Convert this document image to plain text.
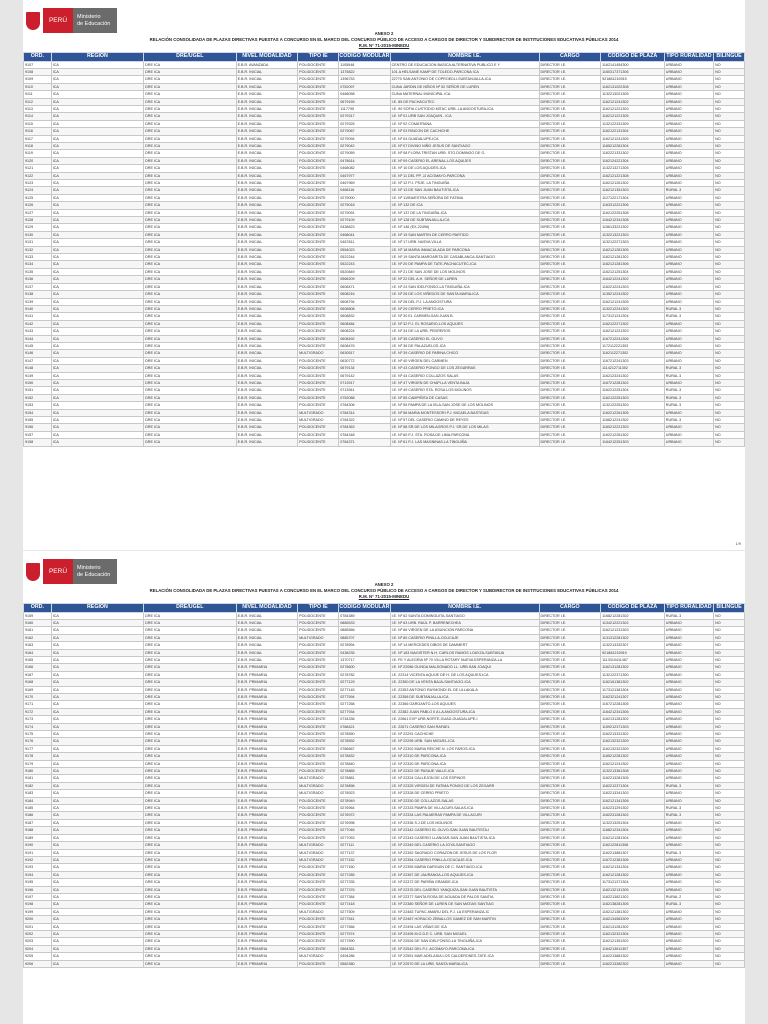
PERÚ	Ministerio
de Educación
ANEXO 2
RELACIÓN CONSOLIDADA DE PLAZAS DIRECTIVAS PUESTAS A CONCURSO EN EL MARCO DEL CONCURSO PÚBLICO DE ACCESO A CARGOS DE DIRECTOR Y SUBDIRECTOR DE INSTITUCIONES EDUCATIVAS PÚBLICAS 2014
R.M. N° 71-2015-MINEDU
ORD.	REGION	DRE/UGEL	NIVEL MODALIDAD	TIPO IE	CODIGO MODULAR	NOMBRE I.E.	CARGO	CODIGO DE PLAZA	TIPO RURALIDAD	BILINGÜE
9107	ICA	DRE ICA	E.B.R. AVANZADA	POLIDOCENTE	1105548	CENTRO DE EDUCACION BASICA ALTERNATIVA PUBLICO E Y	DIRECTOR I.E.	1162141454300	URBANO	NO
9108	ICA	DRE ICA	E.B.R. INICIAL	POLIDOCENTE	1375822	101 A HELSANE KAMP DE TOLEDO-PARCONA ICA	DIRECTOR I.E.	1160317371306	URBANO	NO
9109	ICA	DRE ICA	E.B.R. INICIAL	POLIDOCENTE	1396753	22770 SAN ANTONIO DE COPROEDLI-SUBTANJALLA-ICA	DIRECTOR I.E.	921881215915	URBANO	NO
9110	ICA	DRE ICA	E.B.R. INICIAL	POLIDOCENTE	0752097	CUNA JARDIN DE NIÑOS Nº 52 SEÑOR DE LUREN	DIRECTOR I.E.	1162131022308	URBANO	NO
9111	ICA	DRE ICA	E.B.R. INICIAL	POLIDOCENTE	0468058	CUNA MATERNAL MUNICIPAL ICA	DIRECTOR I.E.	1132213021305	URBANO	NO
9112	ICA	DRE ICA	E.B.R. INICIAL	POLIDOCENTE	0679159	I.E. 85 DE PACHACUTEC	DIRECTOR I.E.	1162121241302	URBANO	NO
9113	ICA	DRE ICA	E.B.R. INICIAL	POLIDOCENTE	1117795	I.E. 90 SOFIA CUSTODIO MITAC URB. LA ANGOSTURA-ICA	DIRECTOR I.E.	1162121221303	URBANO	NO
9114	ICA	DRE ICA	E.B.R. INICIAL	POLIDOCENTE	0279317	I.E. Nº 01 URB SAN JOAQUIN - ICA	DIRECTOR I.E.	1162121221305	URBANO	NO
9115	ICA	DRE ICA	E.B.R. INICIAL	POLIDOCENTE	0279325	I.E. Nº 02 COMATRANA	DIRECTOR I.E.	1132122331309	URBANO	NO
9116	ICA	DRE ICA	E.B.R. INICIAL	POLIDOCENTE	0279067	I.E. Nº 03 RINCON DE CACHICHE	DIRECTOR I.E.	1162122131304	URBANO	NO
9117	ICA	DRE ICA	E.B.R. INICIAL	POLIDOCENTE	0279094	I.E. Nº 04 GUADALUPE-ICA	DIRECTOR I.E.	1162121241305	URBANO	NO
9118	ICA	DRE ICA	E.B.R. INICIAL	POLIDOCENTE	0279042	I.E. Nº 07 DIVINO NIÑO JESUS DE SANTIAGO	DIRECTOR I.E.	1165212281304	URBANO	NO
9119	ICA	DRE ICA	E.B.R. INICIAL	POLIDOCENTE	0279059	I.E. Nº 08 FLORA TRISTAN URB. STO.DOMINGO DE G.	DIRECTOR I.E.	1162221331302	URBANO	NO
9120	ICA	DRE ICA	E.B.R. INICIAL	POLIDOCENTE	0478614	I.E. Nº 09 CASERIO EL ARENAL-LOS AQUIJES	DIRECTOR I.E.	1162124221304	URBANO	NO
9121	ICA	DRE ICA	E.B.R. INICIAL	POLIDOCENTE	0468082	I.E. Nº 10 DE LOS AQUIJES-ICA	DIRECTOR I.E.	1132213271305	URBANO	NO
9122	ICA	DRE ICA	E.B.R. INICIAL	POLIDOCENTE	0467977	I.E. Nº 11 DEL PP. JJ ACOMAYO-PARCONA	DIRECTOR I.E.	1162121221308	URBANO	NO
9123	ICA	DRE ICA	E.B.R. INICIAL	POLIDOCENTE	0467969	I.E. Nº 12 P.J. PSJE. LA TINGUIÑA	DIRECTOR I.E.	1162121261302	URBANO	NO
9124	ICA	DRE ICA	E.B.R. INICIAL	POLIDOCENTE	0468116	I.E. Nº 13 DE SAN JUAN BAUTISTA-ICA	DIRECTOR I.E.	1162121351303	RURAL 3	NO
9125	ICA	DRE ICA	E.B.R. INICIAL	POLIDOCENTE	0279000	I.E. Nº 119NUESTRA SEÑORA DE FATIMA	DIRECTOR I.E.	1127122171304	URBANO	NO
9126	ICA	DRE ICA	E.B.R. INICIAL	POLIDOCENTE	0279018	I.E. Nº 132 DE ICA	DIRECTOR I.E.	1163312221306	URBANO	NO
9127	ICA	DRE ICA	E.B.R. INICIAL	POLIDOCENTE	0279091	I.E. Nº 137 DE LA TINGUIÑA-ICA	DIRECTOR I.E.	1162122251308	URBANO	NO
9128	ICA	DRE ICA	E.B.R. INICIAL	POLIDOCENTE	0279109	I.E. Nº 128 DE SUBTANJALLA-ICA	DIRECTOR I.E.	1164212341308	URBANO	NO
9129	ICA	DRE ICA	E.B.R. INICIAL	POLIDOCENTE	0438623	I.E. Nº 146 (EX-22496)	DIRECTOR I.E.	1156133221302	URBANO	NO
9130	ICA	DRE ICA	E.B.R. INICIAL	POLIDOCENTE	0468041	I.E. Nº 15 SAN MARTIN DE CERRO PARTIDO	DIRECTOR I.E.	1132213221303	URBANO	NO
9131	ICA	DRE ICA	E.B.R. INICIAL	POLIDOCENTE	0467811	I.E. Nº 17 URB. NUEVA VILLA	DIRECTOR I.E.	1132122271303	URBANO	NO
9132	ICA	DRE ICA	E.B.R. INICIAL	POLIDOCENTE	0554023	I.E. Nº 18 MARIA INMACULADA DE PARCONA	DIRECTOR I.E.	1162121281305	URBANO	NO
9133	ICA	DRE ICA	E.B.R. INICIAL	POLIDOCENTE	0522244	I.E. Nº 19 SANTA MARGARITA DE CASABLANCA-SANTIAGO	DIRECTOR I.E.	1162121281302	URBANO	NO
9134	ICA	DRE ICA	E.B.R. INICIAL	POLIDOCENTE	0522243	I.E. Nº 20 DE PAMPA DE TATE-PACHACUTEC-ICA	DIRECTOR I.E.	1162121281306	URBANO	NO
9135	ICA	DRE ICA	E.B.R. INICIAL	POLIDOCENTE	0520849	I.E. Nº 21 DE SAN JOSE DE LOS MOLINOS	DIRECTOR I.E.	1162121251304	URBANO	NO
9136	ICA	DRE ICA	E.B.R. INICIAL	POLIDOCENTE	0566209	I.E. Nº 22 DEL A.H. SEÑOR DE LUREN	DIRECTOR I.E.	1164212241302	URBANO	NO
9137	ICA	DRE ICA	E.B.R. INICIAL	POLIDOCENTE	0608471	I.E. Nº 24 SAN IDELFONSO-LA TINGUIÑA-ICA	DIRECTOR I.E.	1162212241303	URBANO	NO
9138	ICA	DRE ICA	E.B.R. INICIAL	POLIDOCENTE	0608216	I.E. Nº 26 DE LOS VIÑEDOS DE SANTA MARIA-ICA	DIRECTOR I.E.	1135212241302	URBANO	NO
9139	ICA	DRE ICA	E.B.R. INICIAL	POLIDOCENTE	0608794	I.E. Nº 28 DEL P.J. LA ANGOSTURA	DIRECTOR I.E.	1162121241305	URBANO	NO
9140	ICA	DRE ICA	E.B.R. INICIAL	POLIDOCENTE	0608808	I.E. Nº 29 CERRO PRIETO-ICA	DIRECTOR I.E.	1132212241302	RURAL 3	NO
9141	ICA	DRE ICA	E.B.R. INICIAL	POLIDOCENTE	0608832	I.E. Nº 30 EL CARMEN-SAN JUAN B.	DIRECTOR I.E.	1173121241304	RURAL 3	NO
9142	ICA	DRE ICA	E.B.R. INICIAL	POLIDOCENTE	0608484	I.E. Nº 32 P.J. EL ROSARIO-LOS AQUIJES	DIRECTOR I.E.	1162122271302	URBANO	NO
9143	ICA	DRE ICA	E.B.R. INICIAL	POLIDOCENTE	0608224	I.E. Nº 34 DE LA URB. PEDREROS	DIRECTOR I.E.	1162121221303	URBANO	NO
9144	ICA	DRE ICA	E.B.R. INICIAL	POLIDOCENTE	0608492	I.E. Nº 35 CASERIO EL OLIVO	DIRECTOR I.E.	1167212241306	URBANO	NO
9145	ICA	DRE ICA	E.B.R. INICIAL	POLIDOCENTE	0608476	I.E. Nº 36 DE PALAZUELOS-ICA	DIRECTOR I.E.	1172112221303	URBANO	NO
9146	ICA	DRE ICA	E.B.R. INICIAL	MULTIGRADO	0630517	I.E. Nº 39 CASERIO DE PARINA CHICO	DIRECTOR I.E.	1162112271302	URBANO	NO
9147	ICA	DRE ICA	E.B.R. INICIAL	POLIDOCENTE	0630772	I.E. Nº 40 VIRGEN DEL CARMEN	DIRECTOR I.E.	1167212241303	URBANO	NO
9148	ICA	DRE ICA	E.B.R. INICIAL	POLIDOCENTE	0679134	I.E. Nº 43 CASERIO PONGO DE LOS ZEGARRAS	DIRECTOR I.E.	1114212711302	RURAL 3	NO
9149	ICA	DRE ICA	E.B.R. INICIAL	POLIDOCENTE	0679142	I.E. Nº 44 CASERIO COLLAZOS SALAS	DIRECTOR I.E.	1162123241302	RURAL 3	NO
9150	ICA	DRE ICA	E.B.R. INICIAL	POLIDOCENTE	0713917	I.E. Nº 47 VIRGEN DE CHAPI-LA VENTA BAJA	DIRECTOR I.E.	1167212281302	URBANO	NO
9151	ICA	DRE ICA	E.B.R. INICIAL	POLIDOCENTE	0713941	I.E. Nº 49 CASERIO STA. ROSA LOS MOLINOS	DIRECTOR I.E.	1162212251304	RURAL 3	NO
9152	ICA	DRE ICA	E.B.R. INICIAL	POLIDOCENTE	0752088	I.E. Nº 55 CAMPIÑITA DE CASAS	DIRECTOR I.E.	1162122251303	RURAL 3	NO
9153	ICA	DRE ICA	E.B.R. INICIAL	POLIDOCENTE	0784306	I.E. Nº 55 PAMPA DE LA ISLA-SAN JOSE DE LOS MOLINOS	DIRECTOR I.E.	1132122251303	RURAL 3	NO
9154	ICA	DRE ICA	E.B.R. INICIAL	MULTIGRADO	0784314	I.E. Nº 56 MARIA MONTESSORI P.J. MICAELA BASTIDAS	DIRECTOR I.E.	1162212261305	URBANO	NO
9155	ICA	DRE ICA	E.B.R. INICIAL	MULTIGRADO	0784322	I.E. Nº 57 DEL CASERIO CAMINO DE REYES	DIRECTOR I.E.	1168212241302	RURAL 3	NO
9156	ICA	DRE ICA	E.B.R. INICIAL	POLIDOCENTE	0784363	I.E. Nº 58 SR.DE LOS MILAGROS P.J. SR.DE LOS MILAG	DIRECTOR I.E.	1160212221303	URBANO	NO
9157	ICA	DRE ICA	E.B.R. INICIAL	POLIDOCENTE	0784348	I.E. Nº 60 P.J. STA. ROSA DE LIMA-PARCONA	DIRECTOR I.E.	1162212261302	URBANO	NO
9158	ICA	DRE ICA	E.B.R. INICIAL	POLIDOCENTE	0784371	I.E. Nº 61 P.J. LAS MAGNINAS-LA TINGUIÑA	DIRECTOR I.E.	1164212251303	URBANO	NO
1/9
PERÚ	Ministerio
de Educación
ANEXO 2
RELACIÓN CONSOLIDADA DE PLAZAS DIRECTIVAS PUESTAS A CONCURSO EN EL MARCO DEL CONCURSO PÚBLICO DE ACCESO A CARGOS DE DIRECTOR Y SUBDIRECTOR DE INSTITUCIONES EDUCATIVAS PÚBLICAS 2014
R.M. N° 71-2015-MINEDU
ORD.	REGION	DRE/UGEL	NIVEL MODALIDAD	TIPO IE	CODIGO MODULAR	NOMBRE I.E.	CARGO	CODIGO DE PLAZA	TIPO RURALIDAD	BILINGÜE
9159	ICA	DRE ICA	E.B.R. INICIAL	POLIDOCENTE	0784389	I.E. Nº 62 SANTA DOMINGUITA-SANTIAGO	DIRECTOR I.E.	1168212281302	RURAL 3	NO
9160	ICA	DRE ICA	E.B.R. INICIAL	POLIDOCENTE	0885533	I.E. Nº 63 URB. RAÚL P. BARRENECHEA	DIRECTOR I.E.	1134212221302	URBANO	NO
9161	ICA	DRE ICA	E.B.R. INICIAL	POLIDOCENTE	0885566	I.E. Nº 66 VIRGEN DE LA ASUNCION PARCONA	DIRECTOR I.E.	1162121231303	URBANO	NO
9162	ICA	DRE ICA	E.B.R. INICIAL	MULTIGRADO	0885707	I.E. Nº 80 CASERIO PINILLA-OCUCAJE	DIRECTOR I.E.	1131312281302	URBANO	NO
9163	ICA	DRE ICA	E.B.R. INICIAL	POLIDOCENTE	0278994	I.E. Nº 14 MERCEDES DIBOS DE DAMMERT	DIRECTOR I.E.	1132213332307	URBANO	NO
9164	ICA	DRE ICA	E.B.R. INICIAL	POLIDOCENTE	0438235	I.E. Nº 163 MAGISTER N.H. CARLOS RAMOS LOAYZA-SUBTANJA	DIRECTOR I.E.	921881215919	URBANO	NO
9165	ICA	DRE ICA	E.B.R. INICIAL	POLIDOCENTE	1370717	I.E. FE Y ALEGRIA Nº 70 VILLA ROTARY NUEVA ESPERANZA-LA	DIRECTOR I.E.	1113310411467	URBANO	NO
9166	ICA	DRE ICA	E.B.R. PRIMARIA	POLIDOCENTE	0278600	I.E. Nº 22086 OLINDA MALDONADO LL. URB.SAN JOAQUI	DIRECTOR I.E.	1162131281302	URBANO	NO
9167	ICA	DRE ICA	E.B.R. PRIMARIA	POLIDOCENTE	0278782	I.E. 22314 VICENTA AQUIJE DE H. DE LOS AQUIJES-ICA	DIRECTOR I.E.	1132122371300	URBANO	NO
9168	ICA	DRE ICA	E.B.R. PRIMARIA	POLIDOCENTE	0277129	I.E. 22350 DE LA VENTA BAJA-SANTIAGO-ICA	DIRECTOR I.E.	1162161381302	URBANO	NO
9169	ICA	DRE ICA	E.B.R. PRIMARIA	POLIDOCENTE	0277145	I.E. 22353 ANTONIO RAYMONDI EL DE ULLAKALA	DIRECTOR I.E.	1173121381304	URBANO	NO
9170	ICA	DRE ICA	E.B.R. PRIMARIA	POLIDOCENTE	0277594	I.E. 22358 DE SUBTANJALLA-ICA	DIRECTOR I.E.	1162321241307	URBANO	NO
9171	ICA	DRE ICA	E.B.R. PRIMARIA	POLIDOCENTE	0277268	I.E. 22366 GARGANTO-LOS AQUIJES	DIRECTOR I.E.	1167212281305	URBANO	NO
9172	ICA	DRE ICA	E.B.R. PRIMARIA	POLIDOCENTE	0277934	I.E. 22382 JUAN PABLO II A LA ANGOSTURA-ICA	DIRECTOR I.E.	1164212341306	URBANO	NO
9173	ICA	DRE ICA	E.B.R. PRIMARIA	POLIDOCENTE	0734336	I.E. 22661 EXP URB NORTE-GUAD-GUADALUPE-I	DIRECTOR I.E.	1162131281302	URBANO	NO
9174	ICA	DRE ICA	E.B.R. PRIMARIA	POLIDOCENTE	0788421	I.E. 22671 CASERIO SAN RAFAEL	DIRECTOR I.E.	1159212371303	URBANO	NO
9175	ICA	DRE ICA	E.B.R. PRIMARIA	POLIDOCENTE	0278550	I.E. Nº 22291 CACHICHE	DIRECTOR I.E.	1162213331302	URBANO	NO
9176	ICA	DRE ICA	E.B.R. PRIMARIA	POLIDOCENTE	0278592	I.E. Nº 22295 URB. SAN MIGUEL-ICA	DIRECTOR I.E.	1162132321309	URBANO	NO
9177	ICA	DRE ICA	E.B.R. PRIMARIA	POLIDOCENTE	0786667	I.E. Nº 22302 MARIA REICHE N. LOS FAROS-ICA	DIRECTOR I.E.	1162132321309	URBANO	NO
9178	ICA	DRE ICA	E.B.R. PRIMARIA	POLIDOCENTE	0278832	I.E. Nº 22310 DE PARCONA-ICA	DIRECTOR I.E.	1165212281302	URBANO	NO
9179	ICA	DRE ICA	E.B.R. PRIMARIA	POLIDOCENTE	0278840	I.E. Nº 22320 DE PARCONA-ICA	DIRECTOR I.E.	1162121241302	URBANO	NO
9180	ICA	DRE ICA	E.B.R. PRIMARIA	POLIDOCENTE	0278865	I.E. Nº 22322 DE PASAJE VALLE-ICA	DIRECTOR I.E.	1132213361308	URBANO	NO
9181	ICA	DRE ICA	E.B.R. PRIMARIA	MULTIGRADO	0278881	I.E. Nº 22324 CALLEJON DE LOS ESPINOS	DIRECTOR I.E.	1162213281305	URBANO	NO
9182	ICA	DRE ICA	E.B.R. PRIMARIA	MULTIGRADO	0278896	I.E. Nº 22325 VIRGEN DE FATIMA PONGO DE LOS ZEGARR	DIRECTOR I.E.	1162212371304	RURAL 3	NO
9183	ICA	DRE ICA	E.B.R. PRIMARIA	MULTIGRADO	0278923	I.E. Nº 22328 DE CERRO PRIETO	DIRECTOR I.E.	1162213341303	URBANO	NO
9184	ICA	DRE ICA	E.B.R. PRIMARIA	POLIDOCENTE	0278949	I.E. Nº 22330 DE COLLAZOS-SALAS	DIRECTOR I.E.	1162121341308	URBANO	NO
9185	ICA	DRE ICA	E.B.R. PRIMARIA	POLIDOCENTE	0276964	I.E. Nº 22333 PAMPA DE VILLACURI-SALAS-ICA	DIRECTOR I.E.	1162231291302	RURAL 3	NO
9186	ICA	DRE ICA	E.B.R. PRIMARIA	POLIDOCENTE	0276972	I.E. Nº 22334 LAS PALMERAS PAMPA DE VILLACURI	DIRECTOR I.E.	1162231281302	RURAL 3	NO
9187	ICA	DRE ICA	E.B.R. PRIMARIA	POLIDOCENTE	0276998	I.E. Nº 22336 S.J.DE LOS MOLINOS	DIRECTOR I.E.	1132213251304	URBANO	NO
9188	ICA	DRE ICA	E.B.R. PRIMARIA	POLIDOCENTE	0277046	I.E. Nº 22342 CASERIO EL OLIVO-SAN JUAN BAUTISTA-I	DIRECTOR I.E.	1168212341304	URBANO	NO
9189	ICA	DRE ICA	E.B.R. PRIMARIA	POLIDOCENTE	0277053	I.E. Nº 22343 CASERIO LLANGAR-SAN JUAN BAUTISTA-ICA	DIRECTOR I.E.	1162121281304	URBANO	NO
9190	ICA	DRE ICA	E.B.R. PRIMARIA	MULTIGRADO	0277111	I.E. Nº 22349 DEL CASERIO LA JOYA-SANTIAGO	DIRECTOR I.E.	1162122811308	URBANO	NO
9191	ICA	DRE ICA	E.B.R. PRIMARIA	MULTIGRADO	0277137	I.E. Nº 22352 SAGRADO CORAZON DE JESUS DE LOS FLOR	DIRECTOR I.E.	1162213881307	RURAL 3	NO
9192	ICA	DRE ICA	E.B.R. PRIMARIA	MULTIGRADO	0277152	I.E. Nº 22354 CASERIO PINILLA-OCUCAJE-ICA	DIRECTOR I.E.	1167212381306	URBANO	NO
9193	ICA	DRE ICA	E.B.R. PRIMARIA	POLIDOCENTE	0277160	I.E. Nº 22355 MARIA DARGUIN DE C. SANTIAGO-ICA	DIRECTOR I.E.	1162121341304	URBANO	NO
9194	ICA	DRE ICA	E.B.R. PRIMARIA	POLIDOCENTE	0277285	I.E. Nº 22367 DE JAURANGA-LOS AQUIJES-ICA	DIRECTOR I.E.	1162121281302	URBANO	NO
9195	ICA	DRE ICA	E.B.R. PRIMARIA	POLIDOCENTE	0277335	I.E. Nº 22372 DE PARIÑA GRANDE-ICA	DIRECTOR I.E.	1173121371304	URBANO	NO
9196	ICA	DRE ICA	E.B.R. PRIMARIA	POLIDOCENTE	0277376	I.E. Nº 22376 DEL CASERIO YANQUIZA-SAN JUAN BAUTISTA	DIRECTOR I.E.	1162132131305	URBANO	NO
9197	ICA	DRE ICA	E.B.R. PRIMARIA	POLIDOCENTE	0277384	I.E. Nº 22377 SANTA ROSA DE AGUADA DE PALOS SANTIA	DIRECTOR I.E.	1162213821302	RURAL 2	NO
9198	ICA	DRE ICA	E.B.R. PRIMARIA	POLIDOCENTE	0277418	I.E. Nº 22380 SEÑOR DE LUREN DE SAN MATIAS SANTIAG	DIRECTOR I.E.	1162138281305	RURAL 3	NO
9199	ICA	DRE ICA	E.B.R. PRIMARIA	MULTIGRADO	0277509	I.E. Nº 22483 TUPAC AMARU DEL P.J. LA ESPERANZA-IC	DIRECTOR I.E.	1162121381302	URBANO	NO
9200	ICA	DRE ICA	E.B.R. PRIMARIA	POLIDOCENTE	0277541	I.E. Nº 22487 HORACIO ZEBALLOS GAMEZ DE SAN MARTIN	DIRECTOR I.E.	1162134563309	URBANO	NO
9201	ICA	DRE ICA	E.B.R. PRIMARIA	POLIDOCENTE	0277566	I.E. Nº 22494 LAS VIÑAS DE ICA	DIRECTOR I.E.	1162131281302	URBANO	NO
9202	ICA	DRE ICA	E.B.R. PRIMARIA	POLIDOCENTE	0277574	I.E. Nº 22495 M.G.D.E C. URB. SAN MIGUEL	DIRECTOR I.E.	1162132321304	URBANO	NO
9203	ICA	DRE ICA	E.B.R. PRIMARIA	POLIDOCENTE	0277590	I.E. Nº 22526 DE SAN IDELFONSO-LA TINGUIÑA-ICA	DIRECTOR I.E.	1162121351302	URBANO	NO
9204	ICA	DRE ICA	E.B.R. PRIMARIA	POLIDOCENTE	0564351	I.E. Nº 22542 DEL P.J. ACOMAYO-PARCONA-ICA	DIRECTOR I.E.	1164213611307	URBANO	NO
9205	ICA	DRE ICA	E.B.R. PRIMARIA	MULTIGRADO	0494286	I.E. Nº 22551 MAR ADELAIDA LOS CALDERONES-TATE-ICA	DIRECTOR I.E.	1162213881302	URBANO	NO
9206	ICA	DRE ICA	E.B.R. PRIMARIA	POLIDOCENTE	0582380	I.E. Nº 22570 DE LA URB. SANTA MARIA-ICA	DIRECTOR I.E.	1162213282302	URBANO	NO
